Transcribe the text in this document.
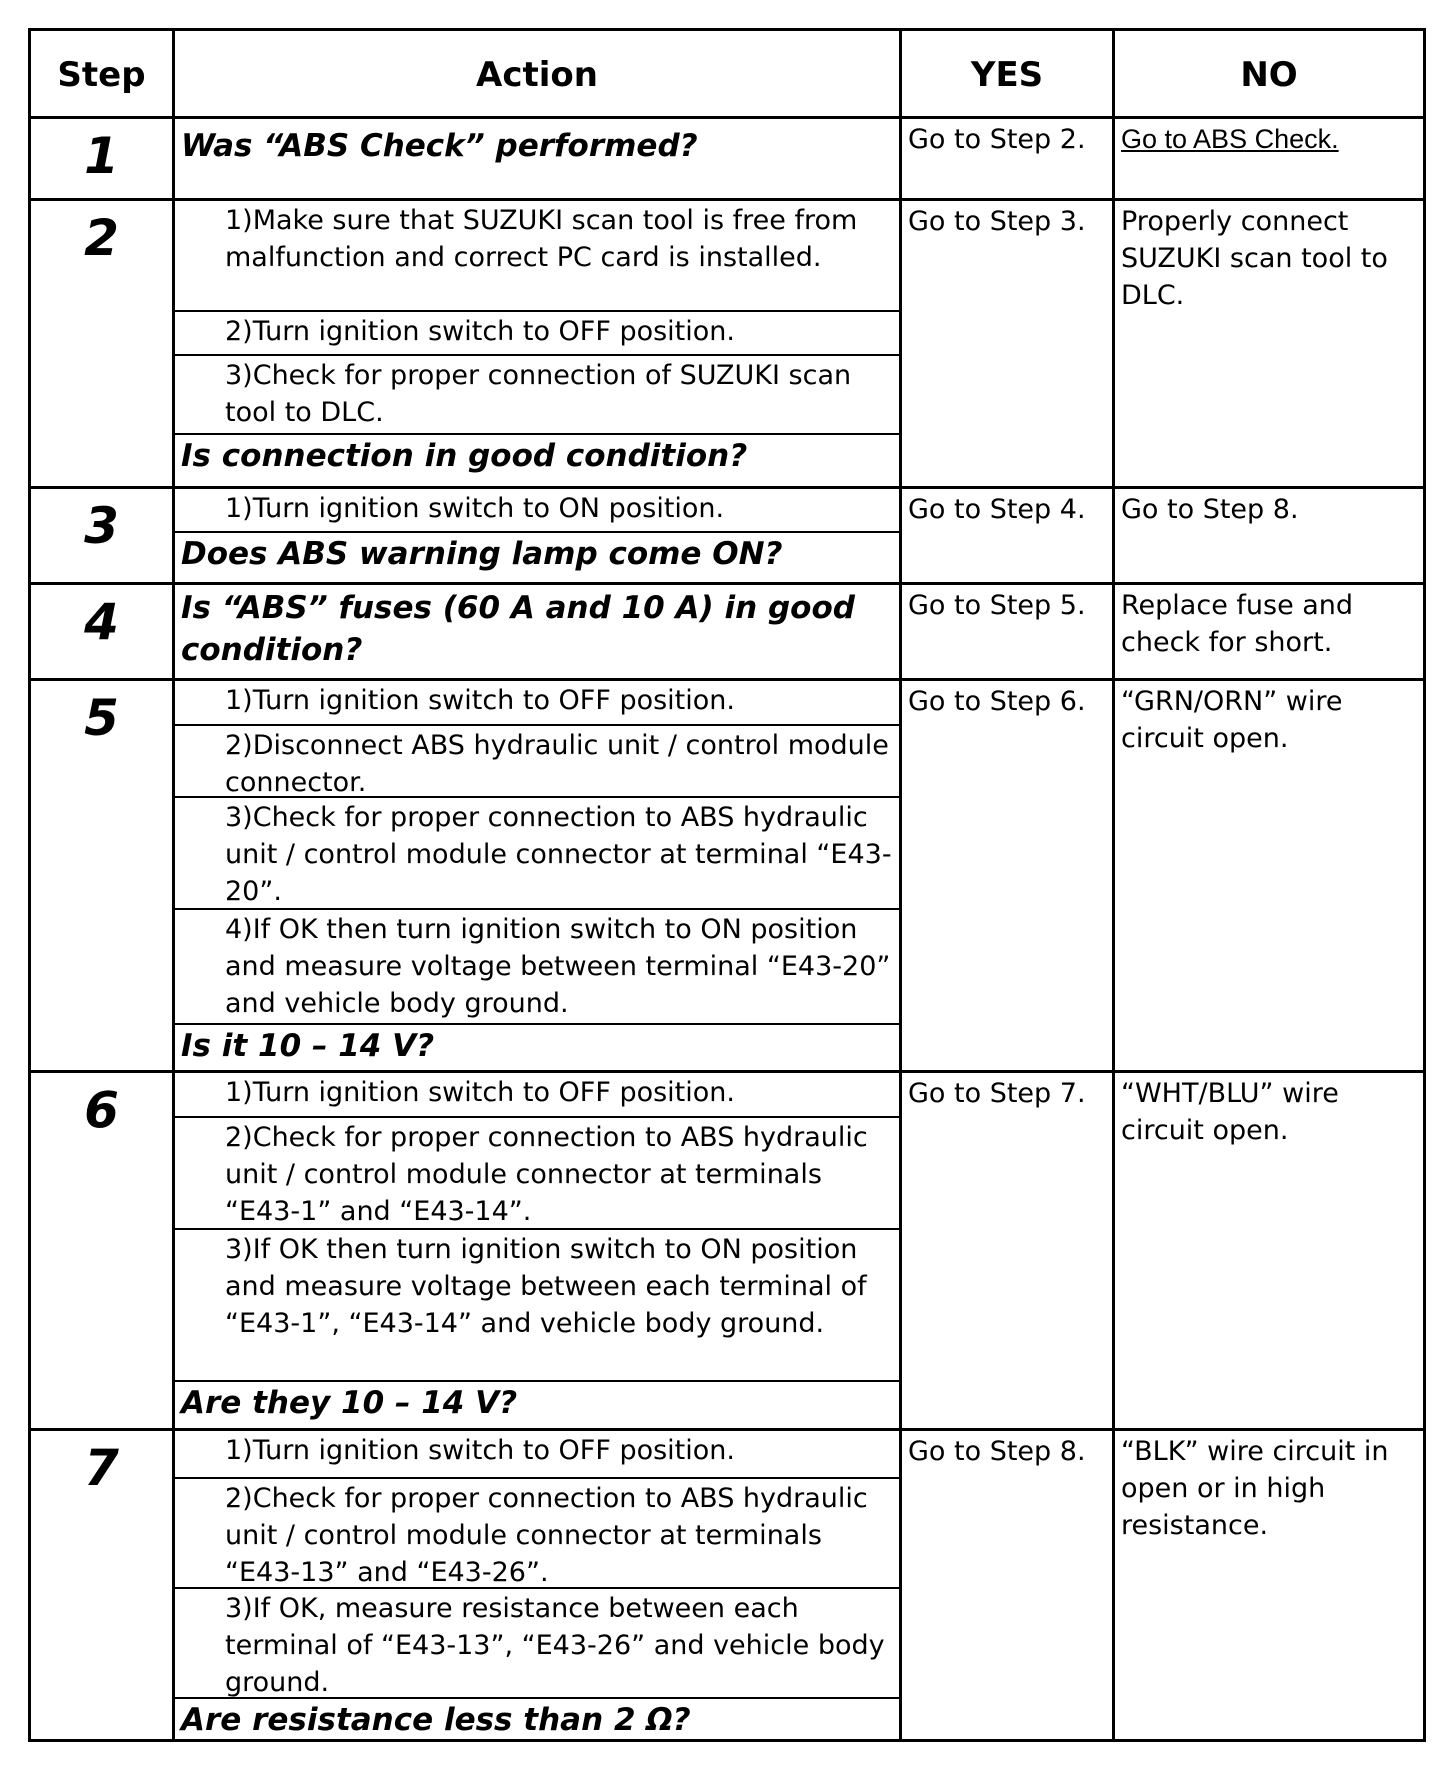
Step	Action	YES	NO
1	Was “ABS Check” performed?	Go to Step 2.	Go to ABS Check.
2	1)Make sure that SUZUKI scan tool is free from malfunction and correct PC card is installed.
2)Turn ignition switch to OFF position.
3)Check for proper connection of SUZUKI scan tool to DLC.
Is connection in good condition?
Go to Step 3.	Properly connect SUZUKI scan tool to DLC.
3	1)Turn ignition switch to ON position.
Does ABS warning lamp come ON?
Go to Step 4.	Go to Step 8.
4	Is “ABS” fuses (60 A and 10 A) in good condition?
Go to Step 5.	Replace fuse and check for short.
5	1)Turn ignition switch to OFF position.
2)Disconnect ABS hydraulic unit / control module connector.
3)Check for proper connection to ABS hydraulic unit / control module connector at terminal “E43-20”.
4)If OK then turn ignition switch to ON position and measure voltage between terminal “E43-20” and vehicle body ground.
Is it 10 – 14 V?
Go to Step 6.	“GRN/ORN” wire circuit open.
6	1)Turn ignition switch to OFF position.
2)Check for proper connection to ABS hydraulic unit / control module connector at terminals “E43-1” and “E43-14”.
3)If OK then turn ignition switch to ON position and measure voltage between each terminal of “E43-1”, “E43-14” and vehicle body ground.
Are they 10 – 14 V?
Go to Step 7.	“WHT/BLU” wire circuit open.
7	1)Turn ignition switch to OFF position.
2)Check for proper connection to ABS hydraulic unit / control module connector at terminals “E43-13” and “E43-26”.
3)If OK, measure resistance between each terminal of “E43-13”, “E43-26” and vehicle body ground.
Are resistance less than 2 Ω?
Go to Step 8.	“BLK” wire circuit in open or in high resistance.
